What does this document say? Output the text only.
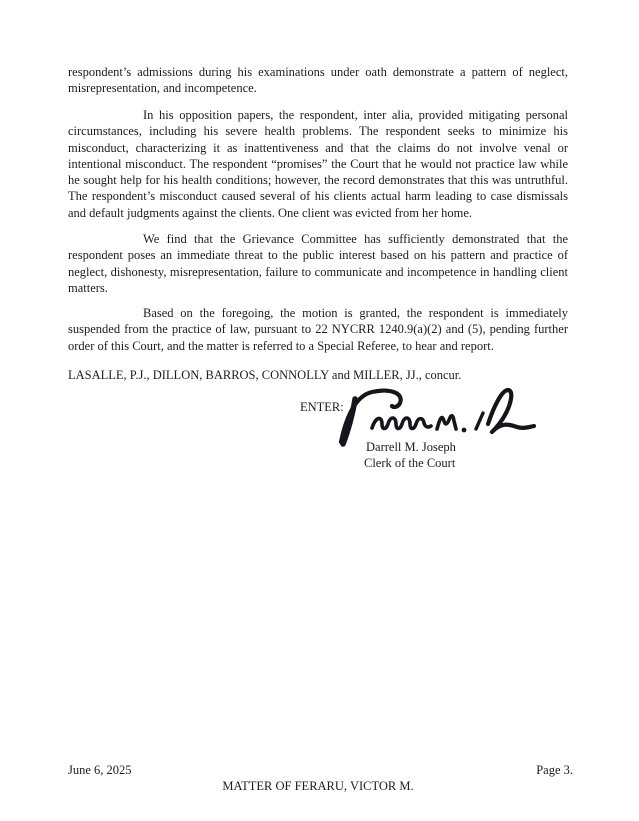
respondent’s admissions during his examinations under oath demonstrate a pattern of neglect, misrepresentation, and incompetence.

In his opposition papers, the respondent, inter alia, provided mitigating personal circumstances, including his severe health problems. The respondent seeks to minimize his misconduct, characterizing it as inattentiveness and that the claims do not involve venal or intentional misconduct. The respondent “promises” the Court that he would not practice law while he sought help for his health conditions; however, the record demonstrates that this was untruthful. The respondent’s misconduct caused several of his clients actual harm leading to case dismissals and default judgments against the clients. One client was evicted from her home.

We find that the Grievance Committee has sufficiently demonstrated that the respondent poses an immediate threat to the public interest based on his pattern and practice of neglect, dishonesty, misrepresentation, failure to communicate and incompetence in handling client matters.

Based on the foregoing, the motion is granted, the respondent is immediately suspended from the practice of law, pursuant to 22 NYCRR 1240.9(a)(2) and (5), pending further order of this Court, and the matter is referred to a Special Referee, to hear and report.

LASALLE, P.J., DILLON, BARROS, CONNOLLY and MILLER, JJ., concur.
ENTER:
Darrell M. Joseph
Clerk of the Court
June 6, 2025	Page 3.
MATTER OF FERARU, VICTOR M.
